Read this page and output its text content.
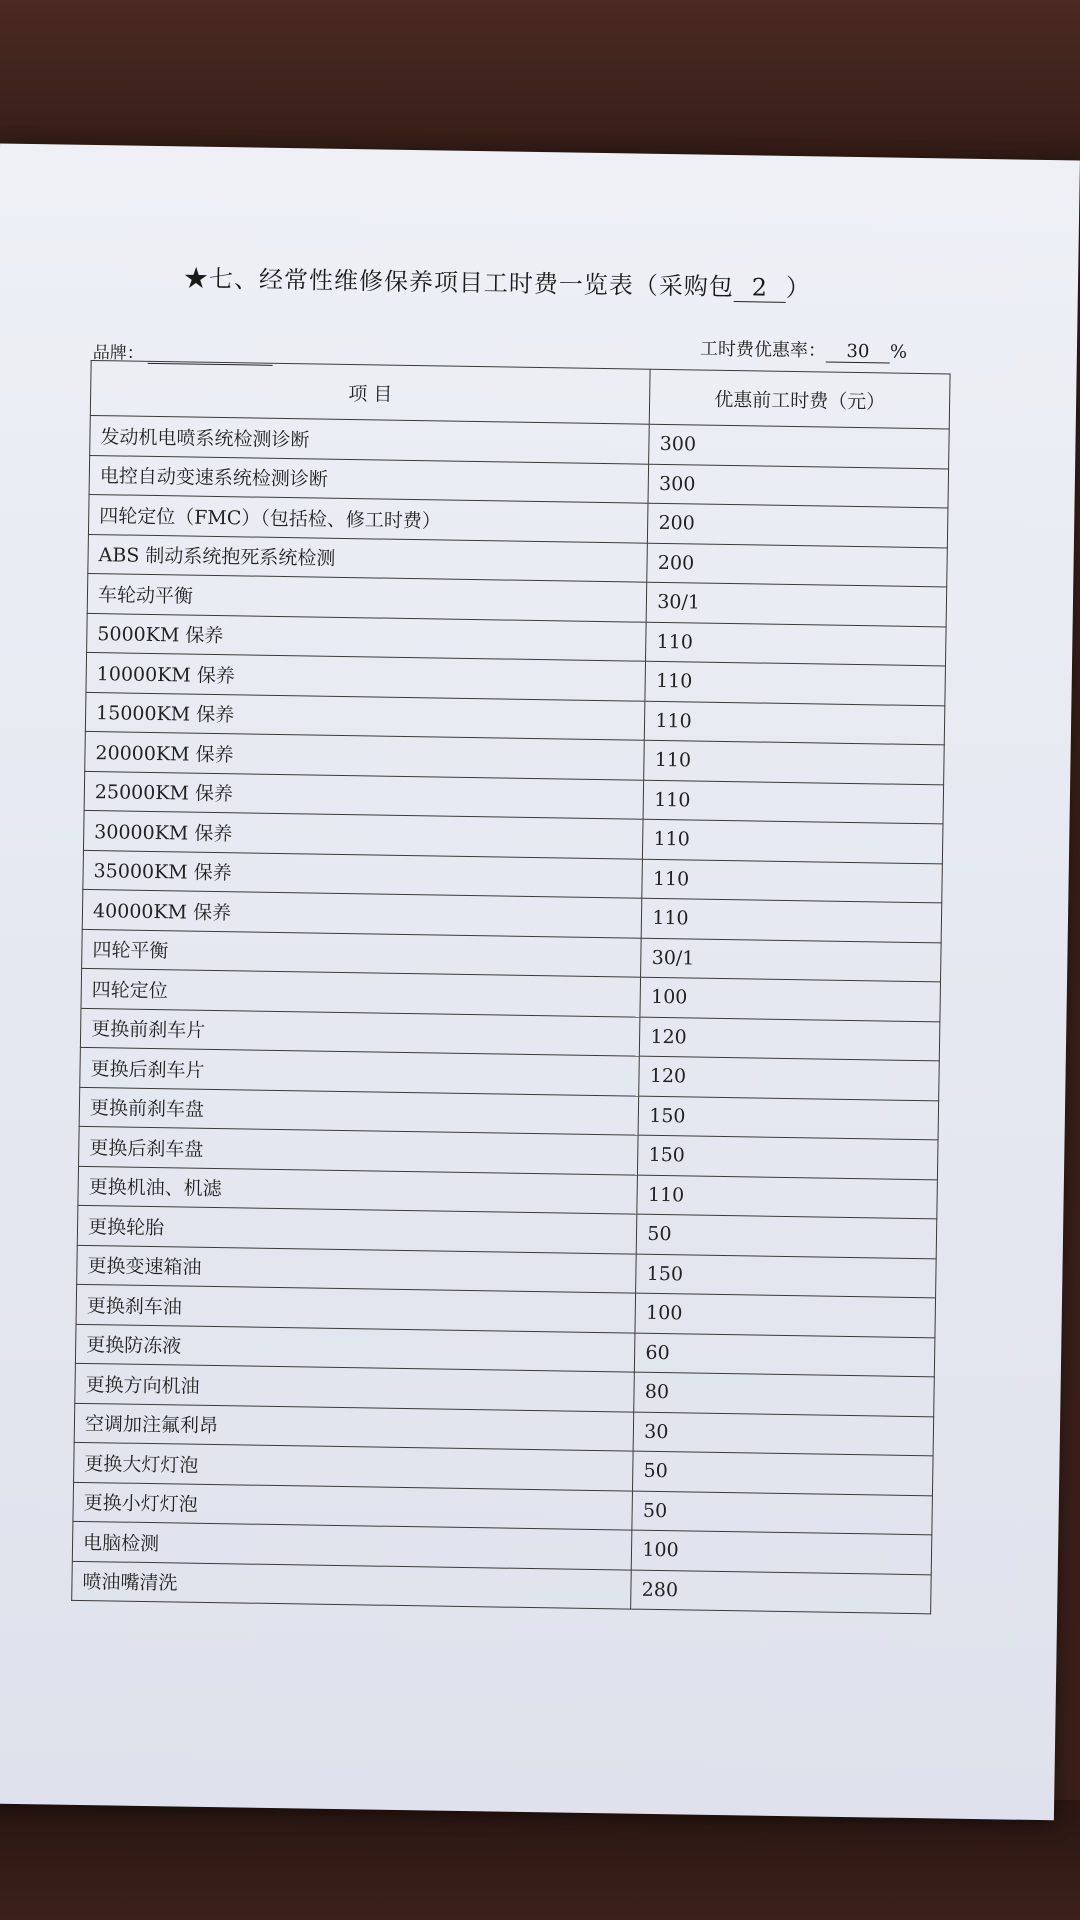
★七、经常性维修保养项目工时费一览表（采购包 2 ）
品牌：	工时费优惠率： 30 %
项 目	优惠前工时费（元）
发动机电喷系统检测诊断	300
电控自动变速系统检测诊断	300
四轮定位（FMC）（包括检、修工时费）	200
ABS 制动系统抱死系统检测	200
车轮动平衡	30/1
5000KM 保养	110
10000KM 保养	110
15000KM 保养	110
20000KM 保养	110
25000KM 保养	110
30000KM 保养	110
35000KM 保养	110
40000KM 保养	110
四轮平衡	30/1
四轮定位	100
更换前刹车片	120
更换后刹车片	120
更换前刹车盘	150
更换后刹车盘	150
更换机油、机滤	110
更换轮胎	50
更换变速箱油	150
更换刹车油	100
更换防冻液	60
更换方向机油	80
空调加注氟利昂	30
更换大灯灯泡	50
更换小灯灯泡	50
电脑检测	100
喷油嘴清洗	280
